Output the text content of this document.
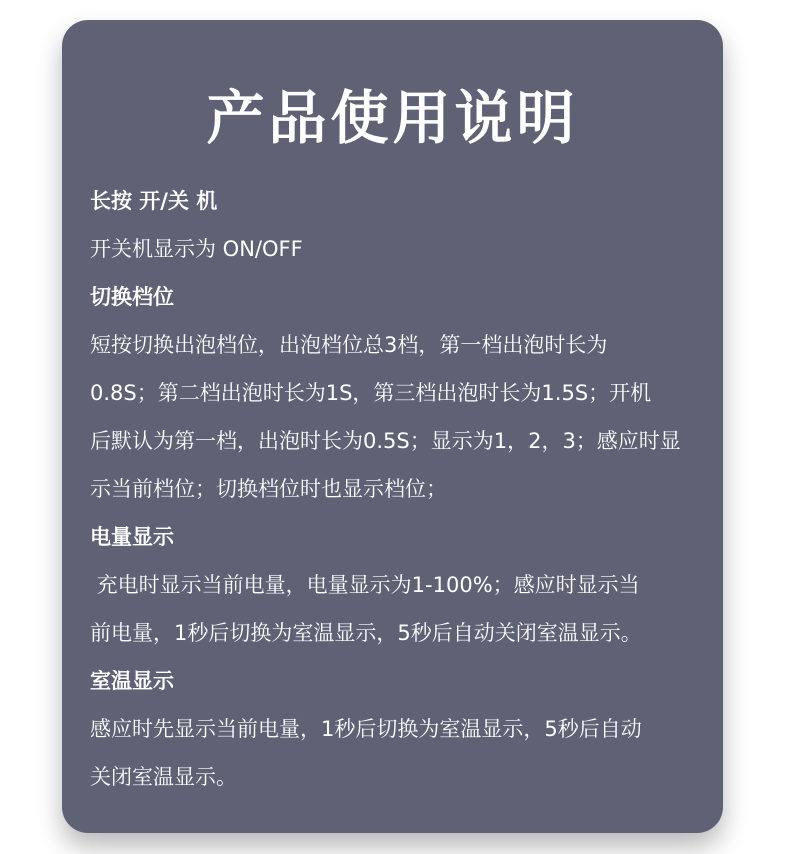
产品使用说明
长按 开/关 机
开关机显示为 ON/OFF
切换档位
短按切换出泡档位，出泡档位总3档，第一档出泡时长为
0.8S；第二档出泡时长为1S，第三档出泡时长为1.5S；开机
后默认为第一档，出泡时长为0.5S；显示为1，2，3；感应时显
示当前档位；切换档位时也显示档位；
电量显示
充电时显示当前电量，电量显示为1-100%；感应时显示当
前电量，1秒后切换为室温显示，5秒后自动关闭室温显示。
室温显示
感应时先显示当前电量，1秒后切换为室温显示，5秒后自动
关闭室温显示。
